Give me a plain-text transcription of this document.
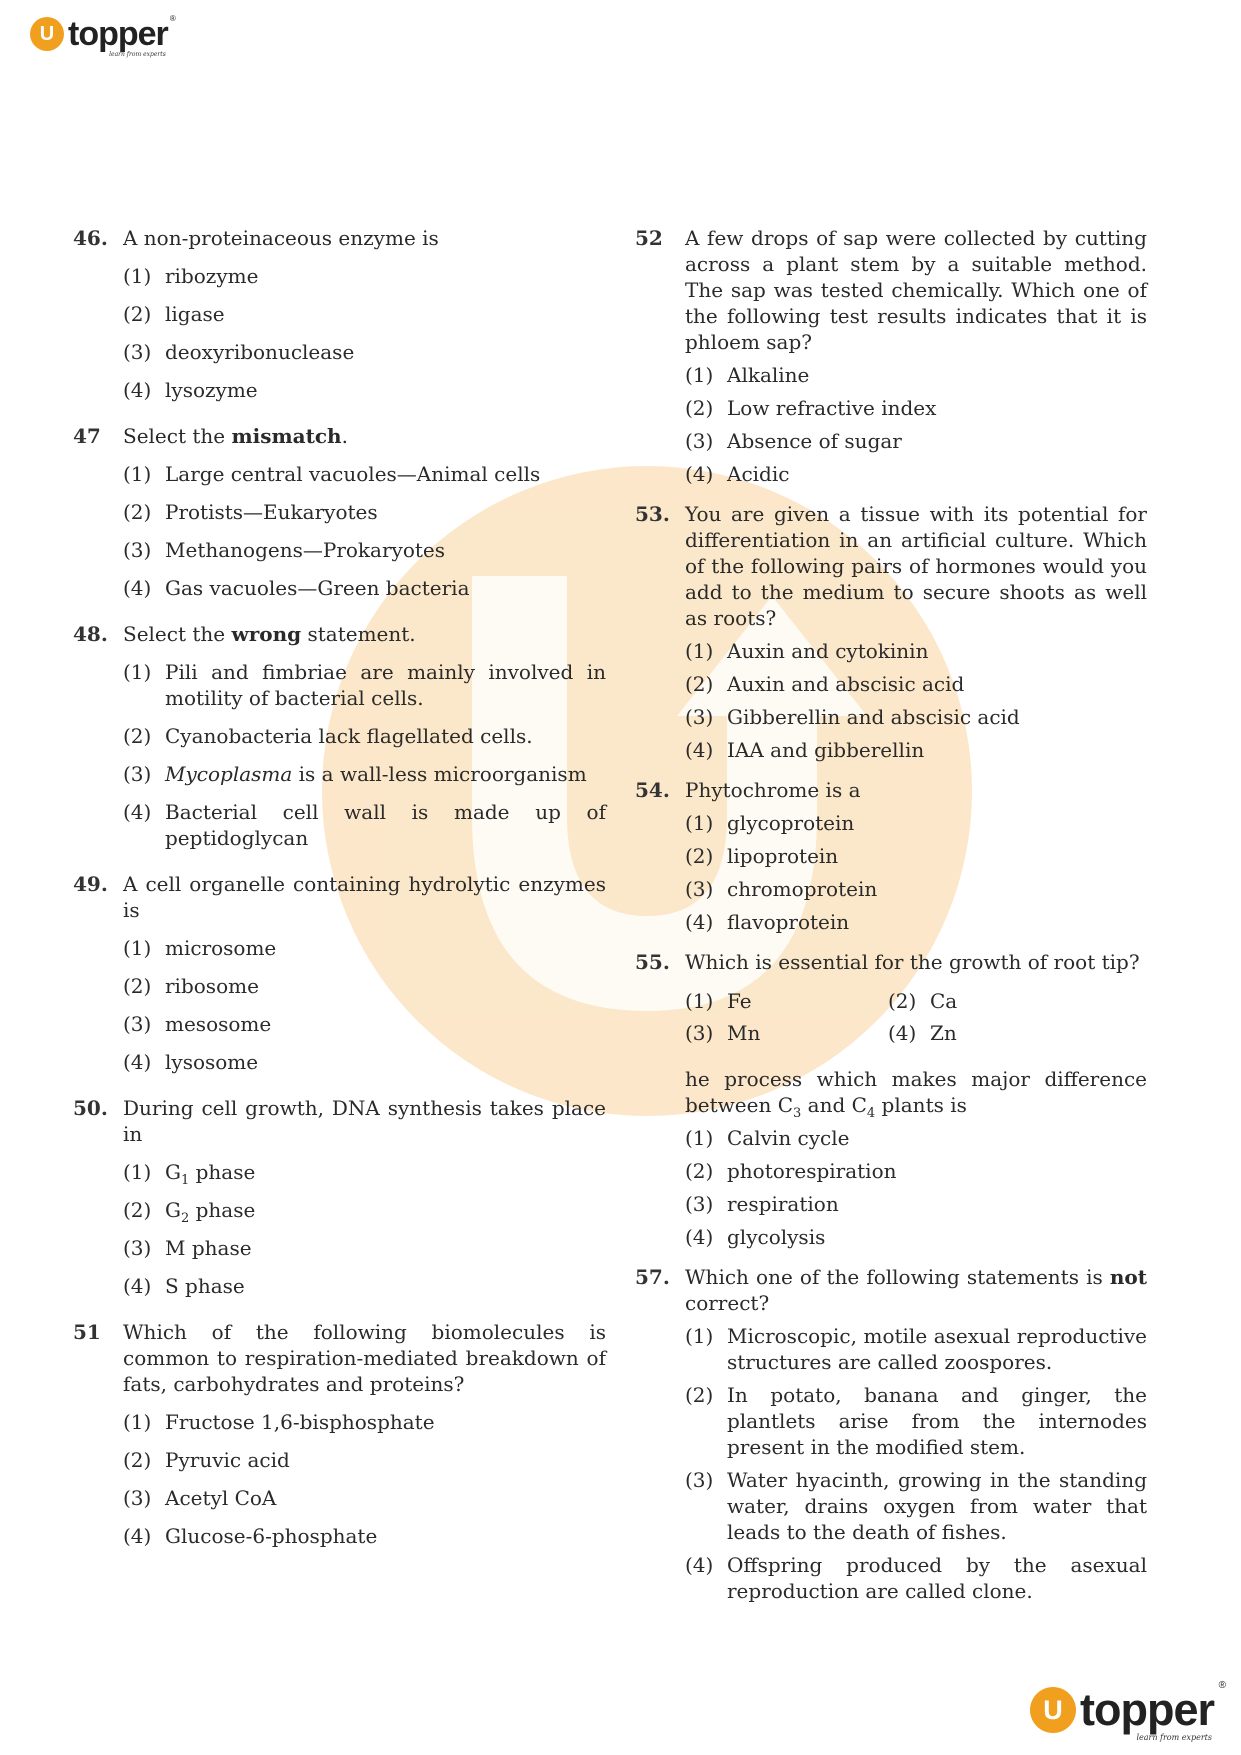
U topper ®
learn from experts
46. A non-proteinaceous enzyme is
(1) ribozyme
(2) ligase
(3) deoxyribonuclease
(4) lysozyme
47 Select the mismatch.
(1) Large central vacuoles—Animal cells
(2) Protists—Eukaryotes
(3) Methanogens—Prokaryotes
(4) Gas vacuoles—Green bacteria
48. Select the wrong statement.
(1) Pili and fimbriae are mainly involved in motility of bacterial cells.
(2) Cyanobacteria lack flagellated cells.
(3) Mycoplasma is a wall-less microorganism
(4) Bacterial cell wall is made up of peptidoglycan
49. A cell organelle containing hydrolytic enzymes is
(1) microsome
(2) ribosome
(3) mesosome
(4) lysosome
50. During cell growth, DNA synthesis takes place in
(1) $G_1$ phase
(2) $G_2$ phase
(3) M phase
(4) S phase
51 Which of the following biomolecules is common to respiration-mediated breakdown of fats, carbohydrates and proteins?
(1) Fructose 1,6-bisphosphate
(2) Pyruvic acid
(3) Acetyl CoA
(4) Glucose-6-phosphate
52 A few drops of sap were collected by cutting across a plant stem by a suitable method. The sap was tested chemically. Which one of the following test results indicates that it is phloem sap?
(1) Alkaline
(2) Low refractive index
(3) Absence of sugar
(4) Acidic
53. You are given a tissue with its potential for differentiation in an artificial culture. Which of the following pairs of hormones would you add to the medium to secure shoots as well as roots?
(1) Auxin and cytokinin
(2) Auxin and abscisic acid
(3) Gibberellin and abscisic acid
(4) IAA and gibberellin
54. Phytochrome is a
(1) glycoprotein
(2) lipoprotein
(3) chromoprotein
(4) flavoprotein
55. Which is essential for the growth of root tip?
(1) Fe	(2) Ca
(3) Mn	(4) Zn
he process which makes major difference between $C_3$ and $C_4$ plants is
(1) Calvin cycle
(2) photorespiration
(3) respiration
(4) glycolysis
57. Which one of the following statements is not correct?
(1) Microscopic, motile asexual reproductive structures are called zoospores.
(2) In potato, banana and ginger, the plantlets arise from the internodes present in the modified stem.
(3) Water hyacinth, growing in the standing water, drains oxygen from water that leads to the death of fishes.
(4) Offspring produced by the asexual reproduction are called clone.
U topper ®
learn from experts
